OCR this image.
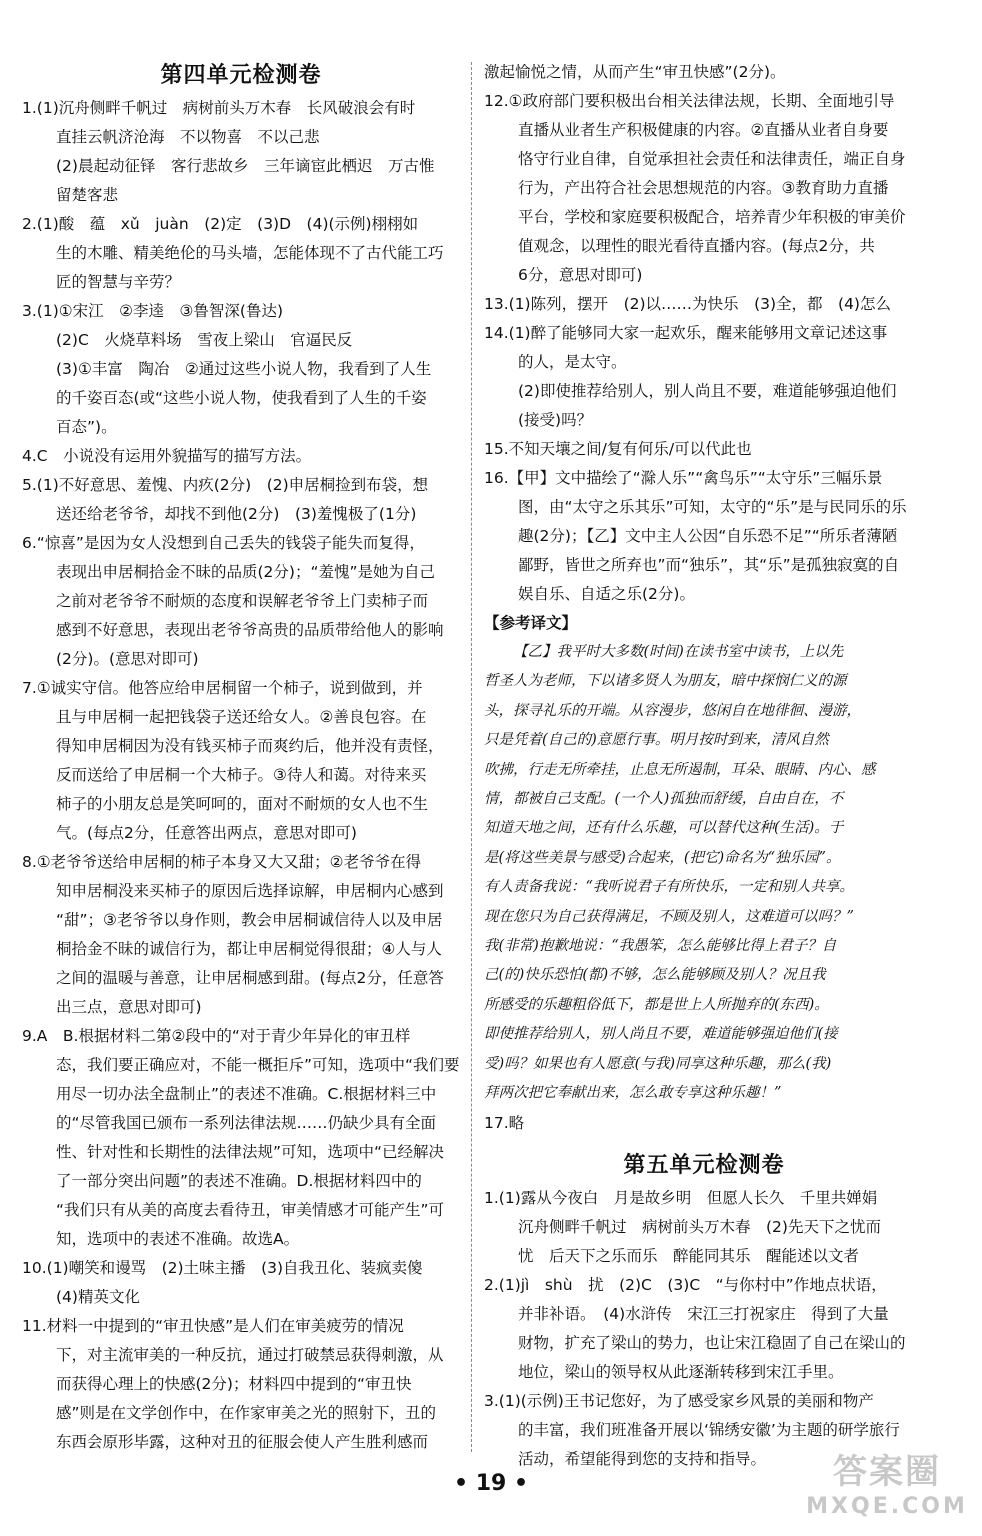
第四单元检测卷
1.(1)沉舟侧畔千帆过　病树前头万木春　长风破浪会有时
直挂云帆济沧海　不以物喜　不以己悲
(2)晨起动征铎　客行悲故乡　三年谪宦此栖迟　万古惟
留楚客悲
2.(1)酸　蕴　xǔ　juàn　(2)定　(3)D　(4)(示例)栩栩如
生的木雕、精美绝伦的马头墙，怎能体现不了古代能工巧
匠的智慧与辛劳？
3.(1)①宋江　②李逵　③鲁智深(鲁达)
(2)C　火烧草料场　雪夜上梁山　官逼民反
(3)①丰富　陶冶　②通过这些小说人物，我看到了人生
的千姿百态(或“这些小说人物，使我看到了人生的千姿
百态”)。
4.C　小说没有运用外貌描写的描写方法。
5.(1)不好意思、羞愧、内疚(2分)　(2)申居桐捡到布袋，想
送还给老爷爷，却找不到他(2分)　(3)羞愧极了(1分)
6.“惊喜”是因为女人没想到自己丢失的钱袋子能失而复得，
表现出申居桐拾金不昧的品质(2分)；“羞愧”是她为自己
之前对老爷爷不耐烦的态度和误解老爷爷上门卖柿子而
感到不好意思，表现出老爷爷高贵的品质带给他人的影响
(2分)。(意思对即可)
7.①诚实守信。他答应给申居桐留一个柿子，说到做到，并
且与申居桐一起把钱袋子送还给女人。②善良包容。在
得知申居桐因为没有钱买柿子而爽约后，他并没有责怪，
反而送给了申居桐一个大柿子。③待人和蔼。对待来买
柿子的小朋友总是笑呵呵的，面对不耐烦的女人也不生
气。(每点2分，任意答出两点，意思对即可)
8.①老爷爷送给申居桐的柿子本身又大又甜；②老爷爷在得
知申居桐没来买柿子的原因后选择谅解，申居桐内心感到
“甜”；③老爷爷以身作则，教会申居桐诚信待人以及申居
桐拾金不昧的诚信行为，都让申居桐觉得很甜；④人与人
之间的温暖与善意，让申居桐感到甜。(每点2分，任意答
出三点，意思对即可)
9.A　B.根据材料二第②段中的“对于青少年异化的审丑样
态，我们要正确应对，不能一概拒斥”可知，选项中“我们要
用尽一切办法全盘制止”的表述不准确。C.根据材料三中
的“尽管我国已颁布一系列法律法规……仍缺少具有全面
性、针对性和长期性的法律法规”可知，选项中“已经解决
了一部分突出问题”的表述不准确。D.根据材料四中的
“我们只有从美的高度去看待丑，审美情感才可能产生”可
知，选项中的表述不准确。故选A。
10.(1)嘲笑和谩骂　(2)土味主播　(3)自我丑化、装疯卖傻
(4)精英文化
11.材料一中提到的“审丑快感”是人们在审美疲劳的情况
下，对主流审美的一种反抗，通过打破禁忌获得刺激，从
而获得心理上的快感(2分)；材料四中提到的“审丑快
感”则是在文学创作中，在作家审美之光的照射下，丑的
东西会原形毕露，这种对丑的征服会使人产生胜利感而
激起愉悦之情，从而产生“审丑快感”(2分)。
12.①政府部门要积极出台相关法律法规，长期、全面地引导
直播从业者生产积极健康的内容。②直播从业者自身要
恪守行业自律，自觉承担社会责任和法律责任，端正自身
行为，产出符合社会思想规范的内容。③教育助力直播
平台，学校和家庭要积极配合，培养青少年积极的审美价
值观念，以理性的眼光看待直播内容。(每点2分，共
6分，意思对即可)
13.(1)陈列，摆开　(2)以……为快乐　(3)全，都　(4)怎么
14.(1)醉了能够同大家一起欢乐，醒来能够用文章记述这事
的人，是太守。
(2)即使推荐给别人，别人尚且不要，难道能够强迫他们
(接受)吗？
15.不知天壤之间/复有何乐/可以代此也
16.【甲】文中描绘了“滁人乐”“禽鸟乐”“太守乐”三幅乐景
图，由“太守之乐其乐”可知，太守的“乐”是与民同乐的乐
趣(2分)；【乙】文中主人公因“自乐恐不足”“所乐者薄陋
鄙野，皆世之所弃也”而“独乐”，其“乐”是孤独寂寞的自
娱自乐、自适之乐(2分)。
【参考译文】
【乙】我平时大多数(时间)在读书室中读书，上以先
哲圣人为老师，下以诸多贤人为朋友，暗中探悯仁义的源
头，探寻礼乐的开端。从容漫步，悠闲自在地徘徊、漫游，
只是凭着(自己的)意愿行事。明月按时到来，清风自然
吹拂，行走无所牵挂，止息无所遏制，耳朵、眼睛、内心、感
情，都被自己支配。(一个人)孤独而舒缓，自由自在，不
知道天地之间，还有什么乐趣，可以替代这种(生活)。于
是(将这些美景与感受)合起来，(把它)命名为“独乐园”。
有人责备我说：“我听说君子有所快乐，一定和别人共享。
现在您只为自己获得满足，不顾及别人，这难道可以吗？”
我(非常)抱歉地说：“我愚笨，怎么能够比得上君子？自
己(的)快乐恐怕(都)不够，怎么能够顾及别人？况且我
所感受的乐趣粗俗低下，都是世上人所抛弃的(东西)。
即使推荐给别人，别人尚且不要，难道能够强迫他们(接
受)吗？如果也有人愿意(与我)同享这种乐趣，那么(我)
拜两次把它奉献出来，怎么敢专享这种乐趣！”
17.略
第五单元检测卷
1.(1)露从今夜白　月是故乡明　但愿人长久　千里共婵娟
沉舟侧畔千帆过　病树前头万木春　(2)先天下之忧而
忧　后天下之乐而乐　醉能同其乐　醒能述以文者
2.(1)jì　shù　扰　(2)C　(3)C　“与你村中”作地点状语，
并非补语。　(4)水浒传　宋江三打祝家庄　得到了大量
财物，扩充了梁山的势力，也让宋江稳固了自己在梁山的
地位，梁山的领导权从此逐渐转移到宋江手里。
3.(1)(示例)王书记您好，为了感受家乡风景的美丽和物产
的丰富，我们班准备开展以‘锦绣安徽’为主题的研学旅行
活动，希望能得到您的支持和指导。
• 19 •	答案圈
MXQE.COM
